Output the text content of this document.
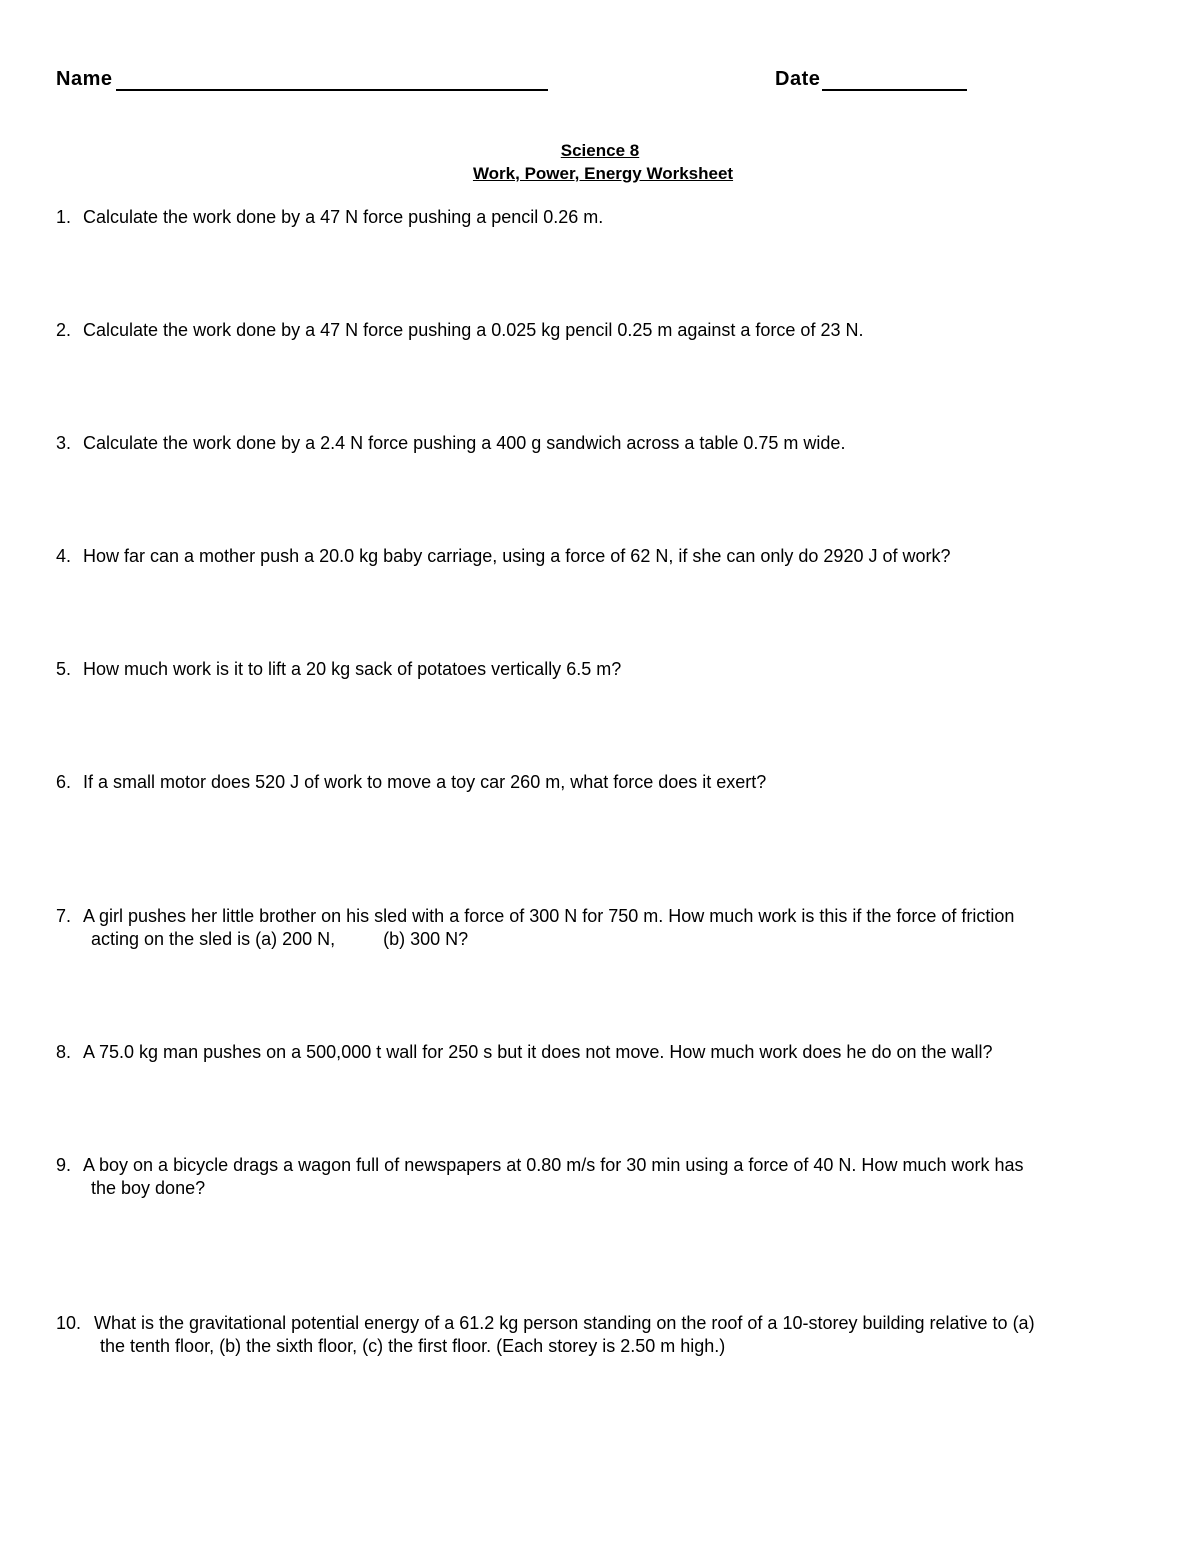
Name	Date
Science 8
Work, Power, Energy Worksheet
1. Calculate the work done by a 47 N force pushing a pencil 0.26 m.
2. Calculate the work done by a 47 N force pushing a 0.025 kg pencil 0.25 m against a force of 23 N.
3. Calculate the work done by a 2.4 N force pushing a 400 g sandwich across a table 0.75 m wide.
4. How far can a mother push a 20.0 kg baby carriage, using a force of 62 N, if she can only do 2920 J of work?
5. How much work is it to lift a 20 kg sack of potatoes vertically 6.5 m?
6. If a small motor does 520 J of work to move a toy car 260 m, what force does it exert?
7. A girl pushes her little brother on his sled with a force of 300 N for 750 m. How much work is this if the force of friction
acting on the sled is (a) 200 N,	(b) 300 N?
8. A 75.0 kg man pushes on a 500,000 t wall for 250 s but it does not move. How much work does he do on the wall?
9. A boy on a bicycle drags a wagon full of newspapers at 0.80 m/s for 30 min using a force of 40 N. How much work has
the boy done?
10. What is the gravitational potential energy of a 61.2 kg person standing on the roof of a 10-storey building relative to (a)
the tenth floor, (b) the sixth floor, (c) the first floor. (Each storey is 2.50 m high.)
